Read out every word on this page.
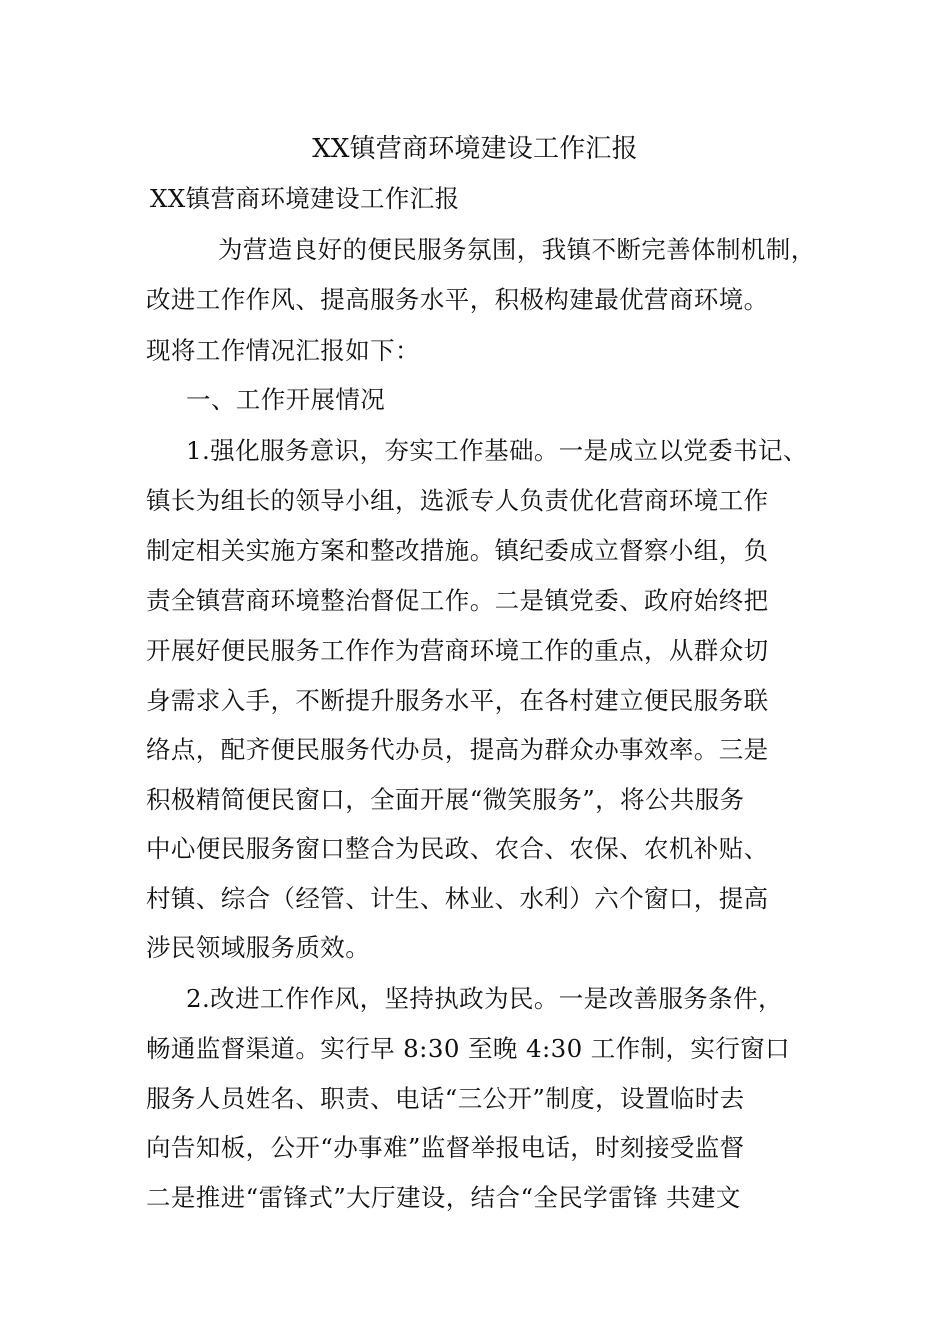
XX镇营商环境建设工作汇报
XX镇营商环境建设工作汇报
为营造良好的便民服务氛围，我镇不断完善体制机制，
改进工作作风、提高服务水平，积极构建最优营商环境。
现将工作情况汇报如下：
一、工作开展情况
1.强化服务意识，夯实工作基础。一是成立以党委书记、
镇长为组长的领导小组，选派专人负责优化营商环境工作
制定相关实施方案和整改措施。镇纪委成立督察小组，负
责全镇营商环境整治督促工作。二是镇党委、政府始终把
开展好便民服务工作作为营商环境工作的重点，从群众切
身需求入手，不断提升服务水平，在各村建立便民服务联
络点，配齐便民服务代办员，提高为群众办事效率。三是
积极精简便民窗口，全面开展“微笑服务”，将公共服务
中心便民服务窗口整合为民政、农合、农保、农机补贴、
村镇、综合（经管、计生、林业、水利）六个窗口，提高
涉民领域服务质效。
2.改进工作作风，坚持执政为民。一是改善服务条件，
畅通监督渠道。实行早 8:30 至晚 4:30 工作制，实行窗口
服务人员姓名、职责、电话“三公开”制度，设置临时去
向告知板，公开“办事难”监督举报电话，时刻接受监督
二是推进“雷锋式”大厅建设，结合“全民学雷锋 共建文
